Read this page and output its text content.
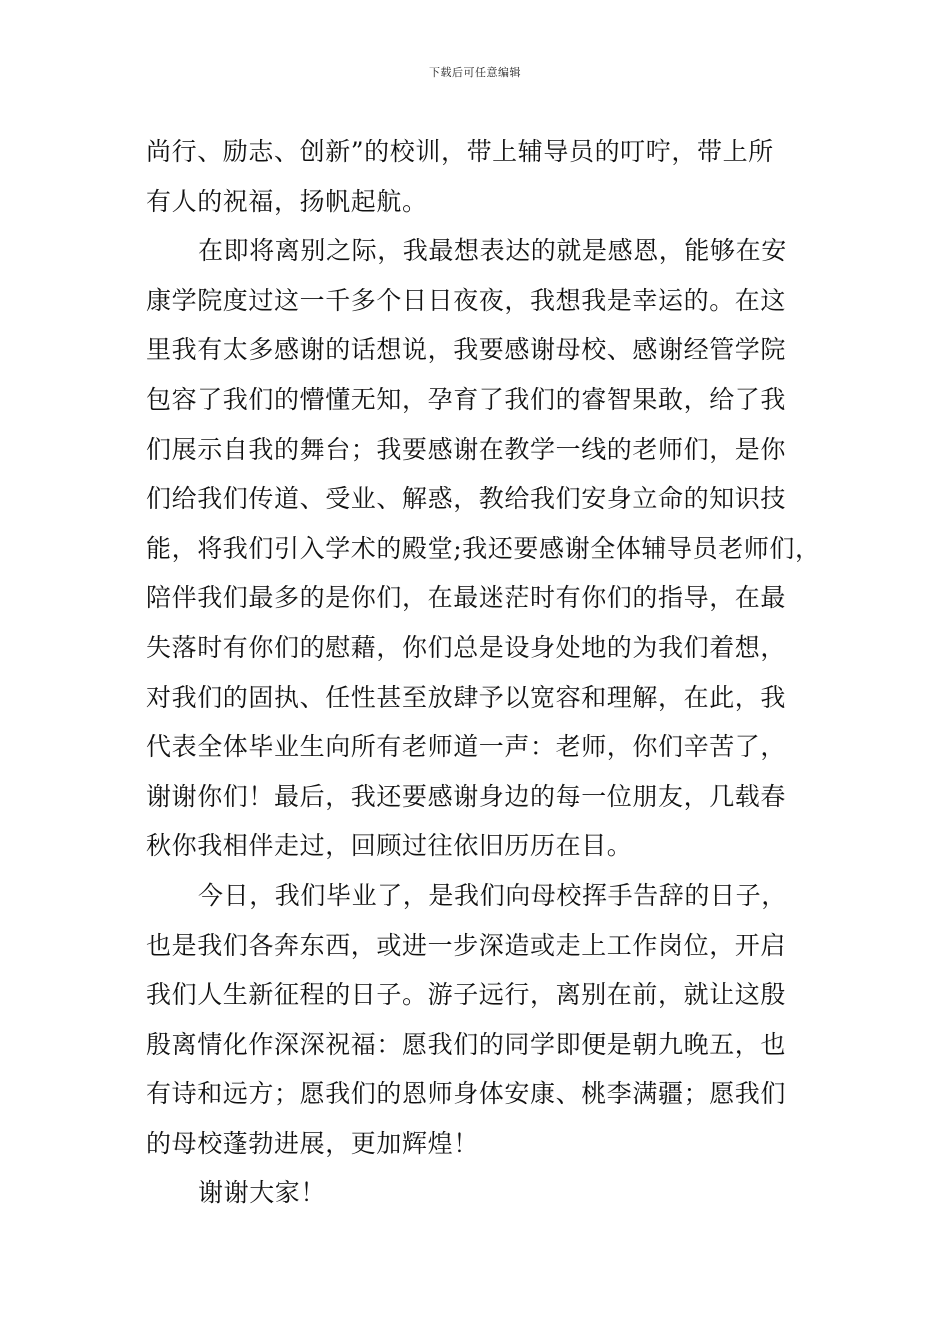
下载后可任意编辑
尚行、励志、创新”的校训，带上辅导员的叮咛，带上所
有人的祝福，扬帆起航。
在即将离别之际，我最想表达的就是感恩，能够在安
康学院度过这一千多个日日夜夜，我想我是幸运的。在这
里我有太多感谢的话想说，我要感谢母校、感谢经管学院
包容了我们的懵懂无知，孕育了我们的睿智果敢，给了我
们展示自我的舞台；我要感谢在教学一线的老师们，是你
们给我们传道、受业、解惑，教给我们安身立命的知识技
能，将我们引入学术的殿堂;我还要感谢全体辅导员老师们，
陪伴我们最多的是你们，在最迷茫时有你们的指导，在最
失落时有你们的慰藉，你们总是设身处地的为我们着想，
对我们的固执、任性甚至放肆予以宽容和理解，在此，我
代表全体毕业生向所有老师道一声：老师，你们辛苦了，
谢谢你们！最后，我还要感谢身边的每一位朋友，几载春
秋你我相伴走过，回顾过往依旧历历在目。
今日，我们毕业了，是我们向母校挥手告辞的日子，
也是我们各奔东西，或进一步深造或走上工作岗位，开启
我们人生新征程的日子。游子远行，离别在前，就让这殷
殷离情化作深深祝福：愿我们的同学即便是朝九晚五，也
有诗和远方；愿我们的恩师身体安康、桃李满疆；愿我们
的母校蓬勃进展，更加辉煌！
谢谢大家！
